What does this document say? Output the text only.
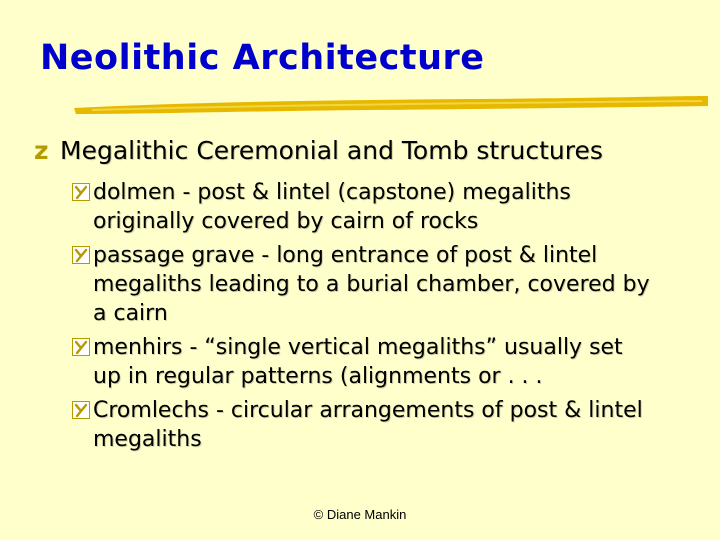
Neolithic Architecture
z Megalithic Ceremonial and Tomb structures
dolmen - post & lintel (capstone) megaliths originally covered by cairn of rocks
passage grave - long entrance of post & lintel megaliths leading to a burial chamber, covered by a cairn
menhirs - “single vertical megaliths” usually set up in regular patterns (alignments or . . .
Cromlechs - circular arrangements of post & lintel megaliths
© Diane Mankin
